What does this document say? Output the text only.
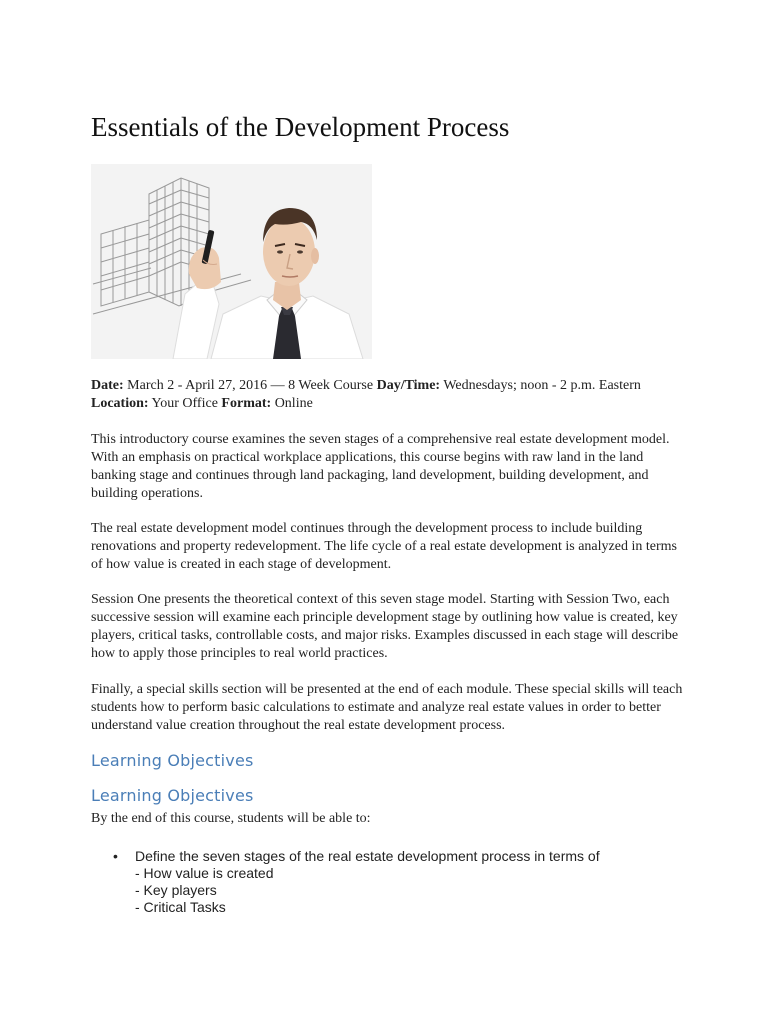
Essentials of the Development Process
Date: March 2 - April 27, 2016 — 8 Week Course Day/Time: Wednesdays; noon - 2 p.m. Eastern Location: Your Office Format: Online

This introductory course examines the seven stages of a comprehensive real estate development model. With an emphasis on practical workplace applications, this course begins with raw land in the land banking stage and continues through land packaging, land development, building development, and building operations.

The real estate development model continues through the development process to include building renovations and property redevelopment. The life cycle of a real estate development is analyzed in terms of how value is created in each stage of development.

Session One presents the theoretical context of this seven stage model. Starting with Session Two, each successive session will examine each principle development stage by outlining how value is created, key players, critical tasks, controllable costs, and major risks. Examples discussed in each stage will describe how to apply those principles to real world practices.

Finally, a special skills section will be presented at the end of each module. These special skills will teach students how to perform basic calculations to estimate and analyze real estate values in order to better understand value creation throughout the real estate development process.

Learning Objectives
Learning Objectives

By the end of this course, students will be able to:

• Define the seven stages of the real estate development process in terms of
- How value is created
- Key players
- Critical Tasks
